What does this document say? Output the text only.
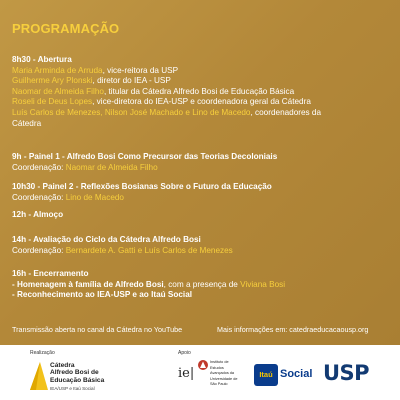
PROGRAMAÇÃO
8h30 - Abertura
Maria Arminda de Arruda, vice-reitora da USP
Guilherme Ary Plonski, diretor do IEA - USP
Naomar de Almeida Filho, titular da Cátedra Alfredo Bosi de Educação Básica
Roseli de Deus Lopes, vice-diretora do IEA-USP e coordenadora geral da Cátedra
Luís Carlos de Menezes, Nilson José Machado e Lino de Macedo, coordenadores da
Cátedra
9h - Painel 1 - Alfredo Bosi Como Precursor das Teorias Decoloniais
Coordenação: Naomar de Almeida Filho
10h30 - Painel 2 - Reflexões Bosianas Sobre o Futuro da Educação
Coordenação: Lino de Macedo
12h - Almoço
14h - Avaliação do Ciclo da Cátedra Alfredo Bosi
Coordenação: Bernardete A. Gatti e Luís Carlos de Menezes
16h - Encerramento
- Homenagem à família de Alfredo Bosi, com a presença de Viviana Bosi
- Reconhecimento ao IEA-USP e ao Itaú Social
Transmissão aberta no canal da Cátedra no YouTube	Mais informações em: catedraeducacaousp.org
Realização
Cátedra
Alfredo Bosi de
Educação Básica
IEA/USP e Itaú Social
Apoio
ie|
Instituto de
Estudos
Avançados da
Universidade de
São Paulo
Itaú Social USP
